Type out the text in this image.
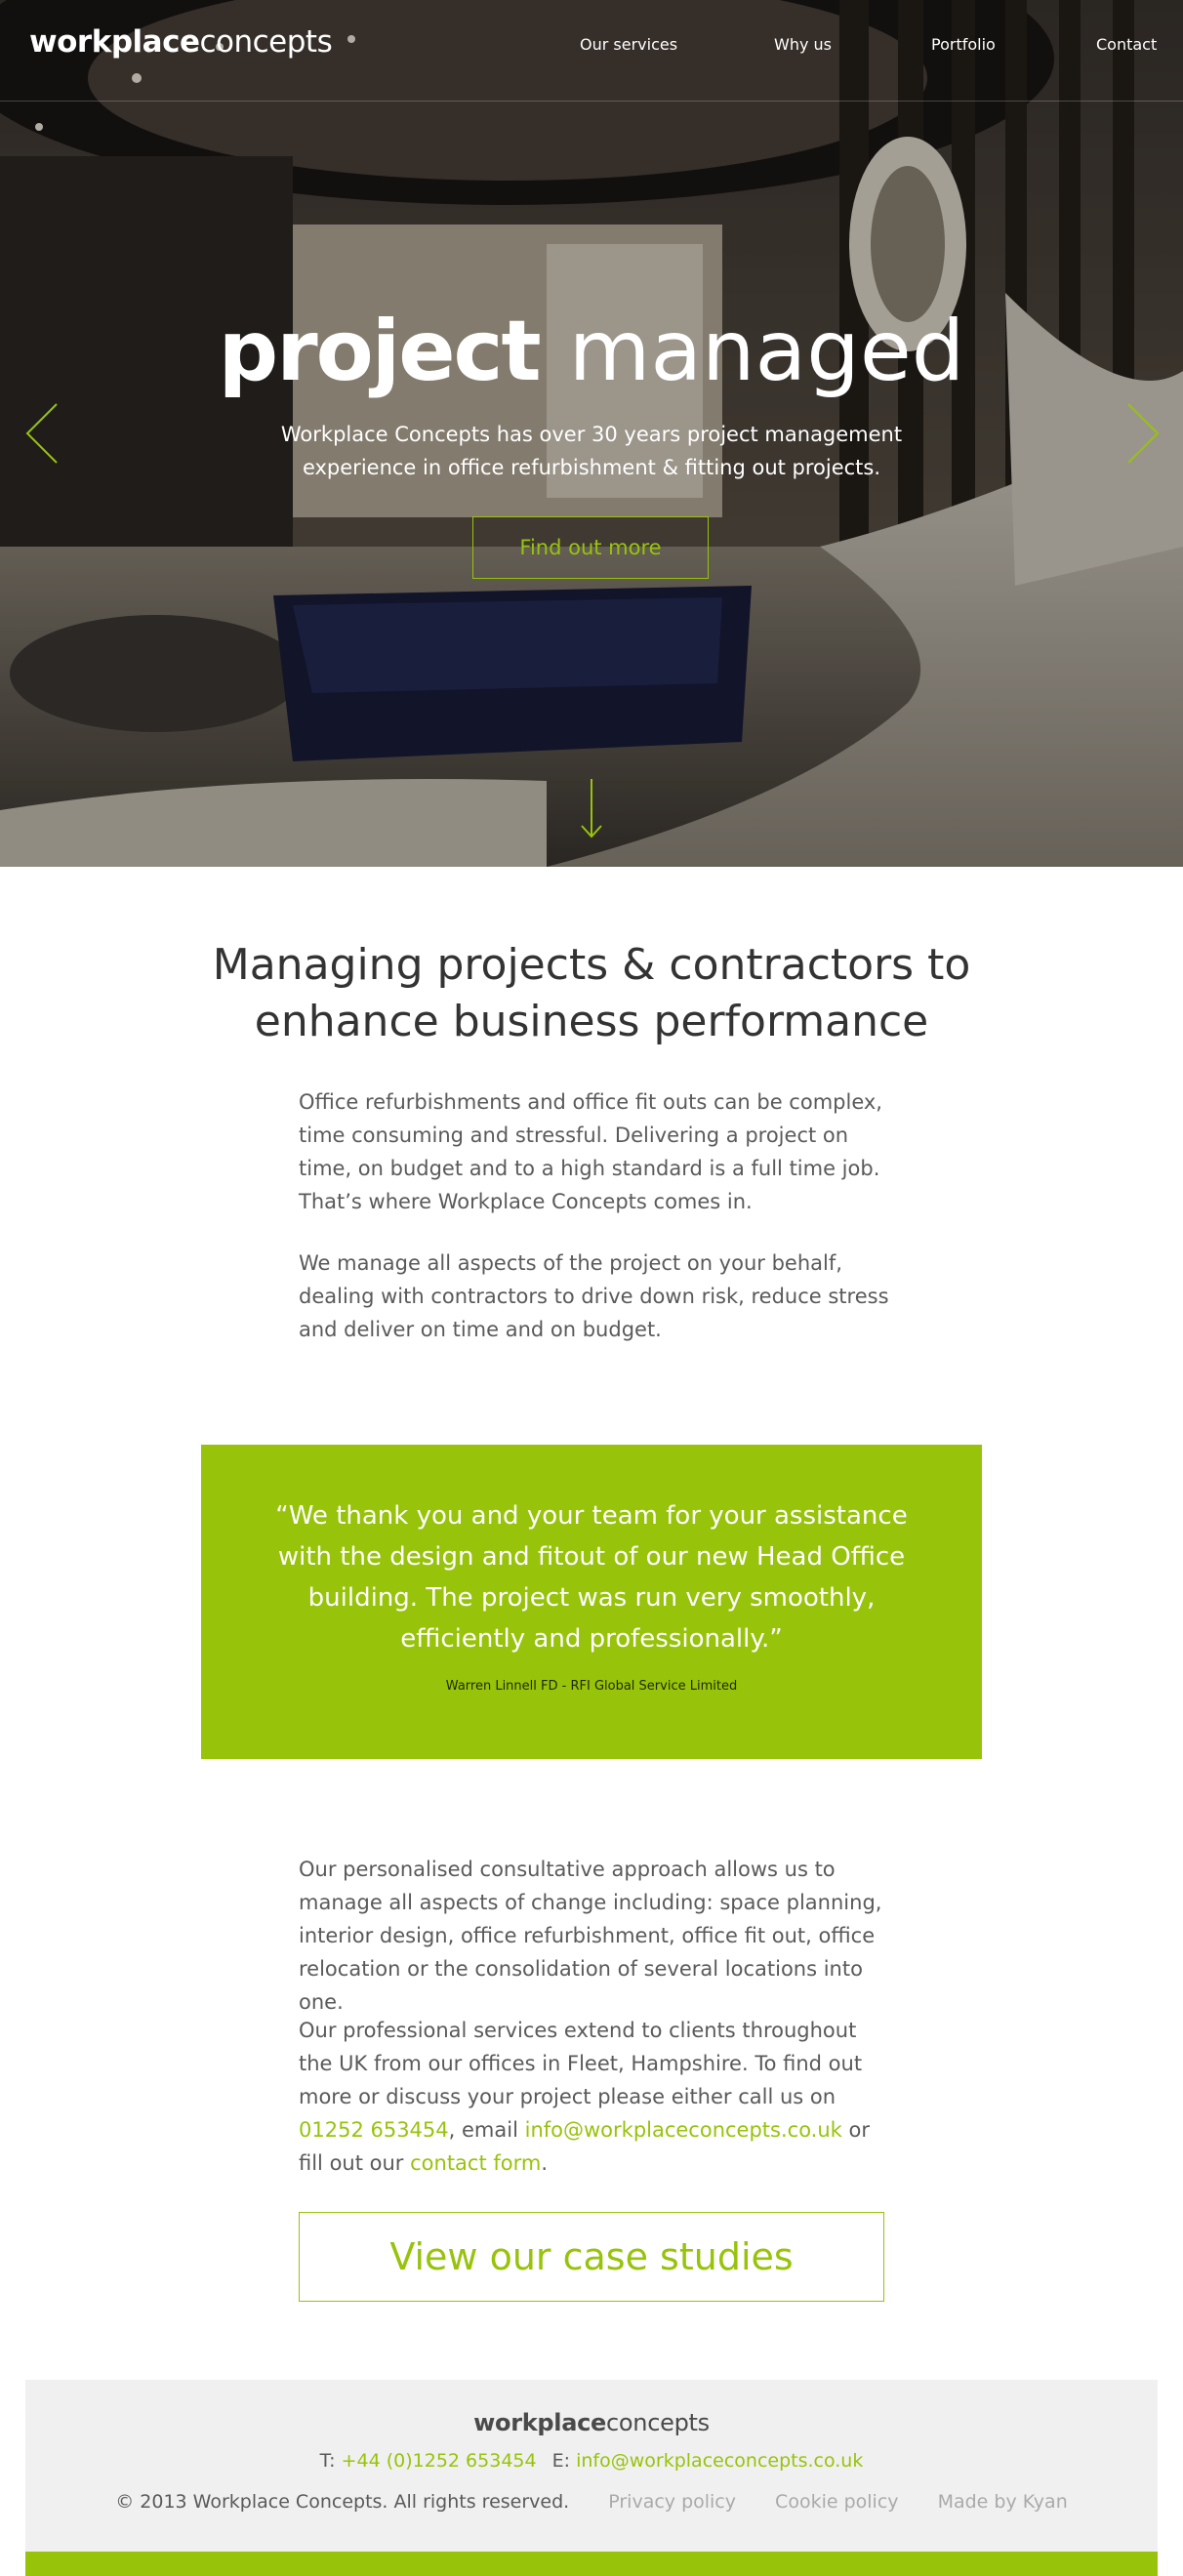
workplaceconcepts	Our services	Why us	Portfolio	Contact
project managed

Workplace Concepts has over 30 years project management experience in office refurbishment & fitting out projects.

Find out more
Managing projects & contractors to enhance business performance

Office refurbishments and office fit outs can be complex, time consuming and stressful. Delivering a project on time, on budget and to a high standard is a full time job. That’s where Workplace Concepts comes in.

We manage all aspects of the project on your behalf, dealing with contractors to drive down risk, reduce stress and deliver on time and on budget.

“We thank you and your team for your assistance with the design and fitout of our new Head Office building. The project was run very smoothly, efficiently and professionally.”

Warren Linnell FD - RFI Global Service Limited

Our personalised consultative approach allows us to manage all aspects of change including: space planning, interior design, office refurbishment, office fit out, office relocation or the consolidation of several locations into one.

Our professional services extend to clients throughout the UK from our offices in Fleet, Hampshire. To find out more or discuss your project please either call us on 01252 653454, email info@workplaceconcepts.co.uk or fill out our contact form.

View our case studies
workplaceconcepts
T: +44 (0)1252 653454 E: info@workplaceconcepts.co.uk
© 2013 Workplace Concepts. All rights reserved. Privacy policy Cookie policy Made by Kyan
